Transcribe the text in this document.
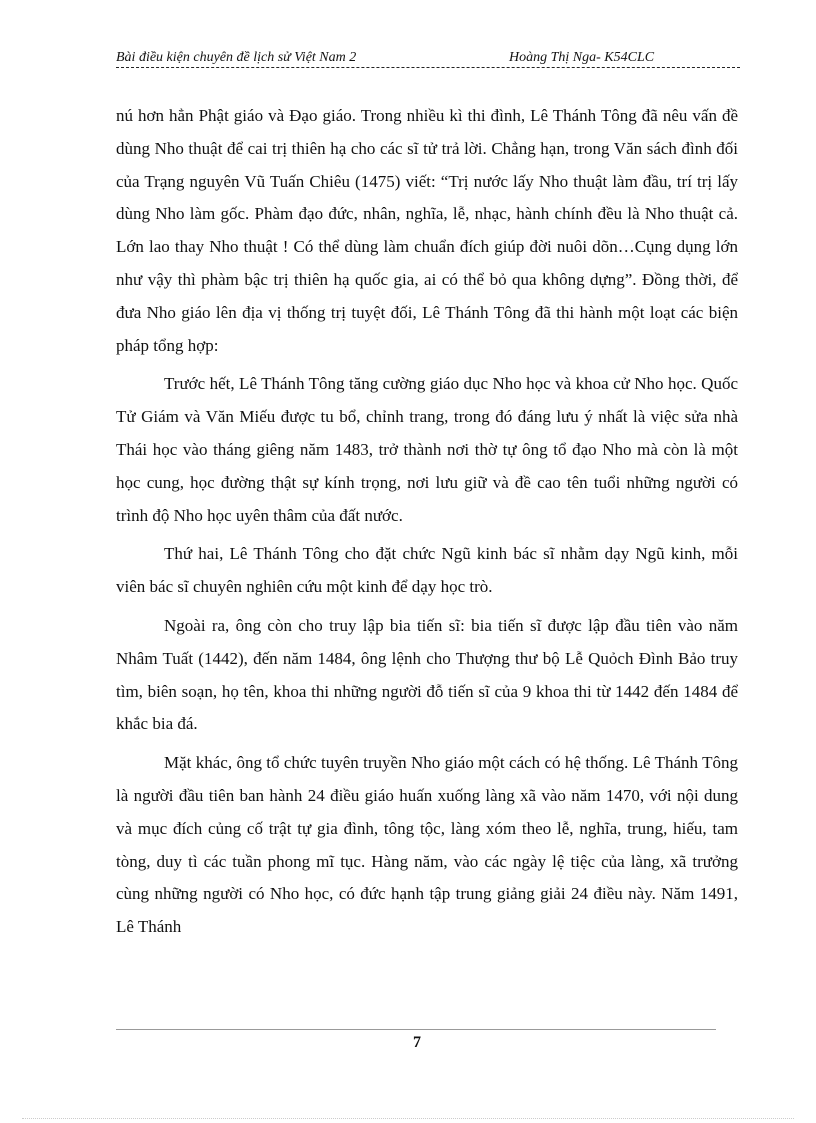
Bài điều kiện chuyên đề lịch sử Việt Nam 2	Hoàng Thị Nga- K54CLC

nú hơn hẳn Phật giáo và Đạo giáo. Trong nhiều kì thi đình, Lê Thánh Tông đã nêu vấn đề dùng Nho thuật để cai trị thiên hạ cho các sĩ tử trả lời. Chẳng hạn, trong Văn sách đình đối của Trạng nguyên Vũ Tuấn Chiêu (1475) viết: “Trị nước lấy Nho thuật làm đầu, trí trị lấy dùng Nho làm gốc. Phàm đạo đức, nhân, nghĩa, lễ, nhạc, hành chính đều là Nho thuật cả. Lớn lao thay Nho thuật ! Có thể dùng làm chuẩn đích giúp đời nuôi dõn…Cụng dụng lớn như vậy thì phàm bậc trị thiên hạ quốc gia, ai có thể bỏ qua không dựng”. Đồng thời, để đưa Nho giáo lên địa vị thống trị tuyệt đối, Lê Thánh Tông đã thi hành một loạt các biện pháp tổng hợp:

Trước hết, Lê Thánh Tông tăng cường giáo dục Nho học và khoa cử Nho học. Quốc Tử Giám và Văn Miếu được tu bổ, chỉnh trang, trong đó đáng lưu ý nhất là việc sửa nhà Thái học vào tháng giêng năm 1483, trở thành nơi thờ tự ông tổ đạo Nho mà còn là một học cung, học đường thật sự kính trọng, nơi lưu giữ và đề cao tên tuổi những người có trình độ Nho học uyên thâm của đất nước.

Thứ hai, Lê Thánh Tông cho đặt chức Ngũ kinh bác sĩ nhằm dạy Ngũ kinh, mỗi viên bác sĩ chuyên nghiên cứu một kinh để dạy học trò.

Ngoài ra, ông còn cho truy lập bia tiến sĩ: bia tiến sĩ được lập đầu tiên vào năm Nhâm Tuất (1442), đến năm 1484, ông lệnh cho Thượng thư bộ Lễ Quỏch Đình Bảo truy tìm, biên soạn, họ tên, khoa thi những người đỗ tiến sĩ của 9 khoa thi từ 1442 đến 1484 để khắc bia đá.

Mặt khác, ông tổ chức tuyên truyền Nho giáo một cách có hệ thống. Lê Thánh Tông là người đầu tiên ban hành 24 điều giáo huấn xuống làng xã vào năm 1470, với nội dung và mục đích củng cố trật tự gia đình, tông tộc, làng xóm theo lễ, nghĩa, trung, hiếu, tam tòng, duy tì các tuần phong mĩ tục. Hàng năm, vào các ngày lệ tiệc của làng, xã trưởng cùng những người có Nho học, có đức hạnh tập trung giảng giải 24 điều này. Năm 1491, Lê Thánh

7
